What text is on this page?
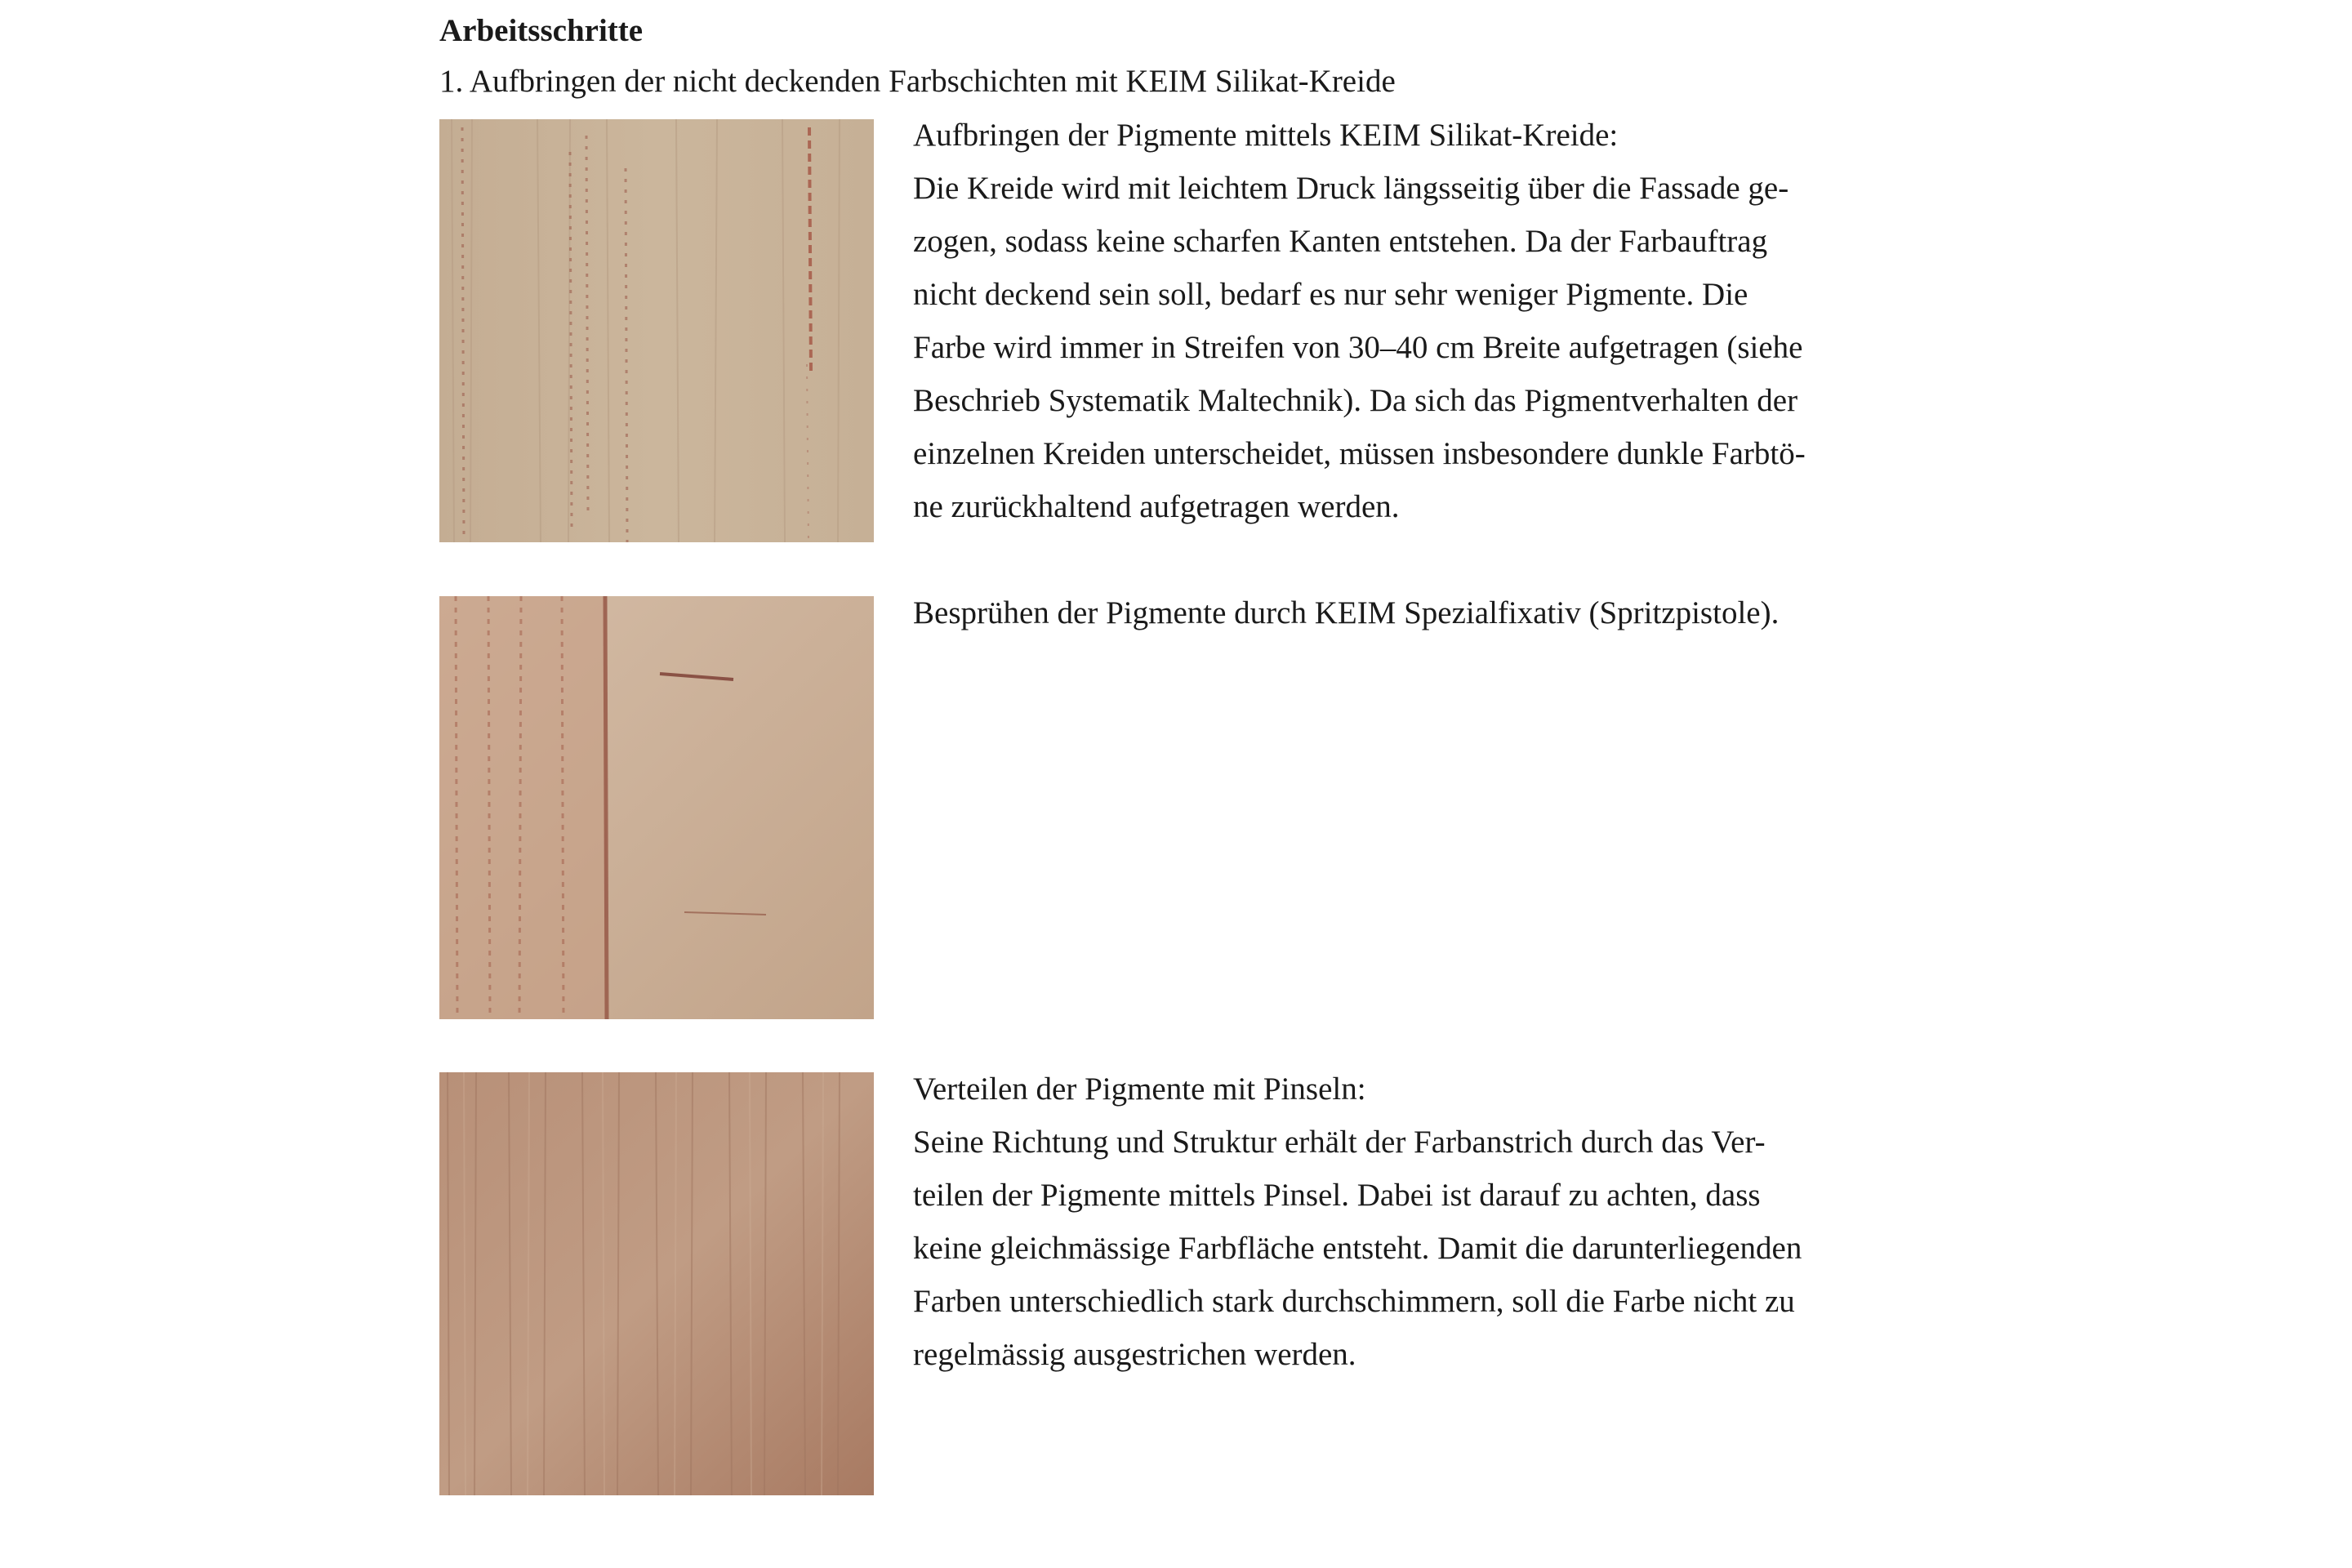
Arbeitsschritte

1. Aufbringen der nicht deckenden Farbschichten mit KEIM Silikat-Kreide

Aufbringen der Pigmente mittels KEIM Silikat-Kreide:
Die Kreide wird mit leichtem Druck längsseitig über die Fassade ge-
zogen, sodass keine scharfen Kanten entstehen. Da der Farbauftrag
nicht deckend sein soll, bedarf es nur sehr weniger Pigmente. Die
Farbe wird immer in Streifen von 30–40 cm Breite aufgetragen (siehe
Beschrieb Systematik Maltechnik). Da sich das Pigmentverhalten der
einzelnen Kreiden unterscheidet, müssen insbesondere dunkle Farbtö-
ne zurückhaltend aufgetragen werden.
Besprühen der Pigmente durch KEIM Spezialfixativ (Spritzpistole).
Verteilen der Pigmente mit Pinseln:
Seine Richtung und Struktur erhält der Farbanstrich durch das Ver-
teilen der Pigmente mittels Pinsel. Dabei ist darauf zu achten, dass
keine gleichmässige Farbfläche entsteht. Damit die darunterliegenden
Farben unterschiedlich stark durchschimmern, soll die Farbe nicht zu
regelmässig ausgestrichen werden.
